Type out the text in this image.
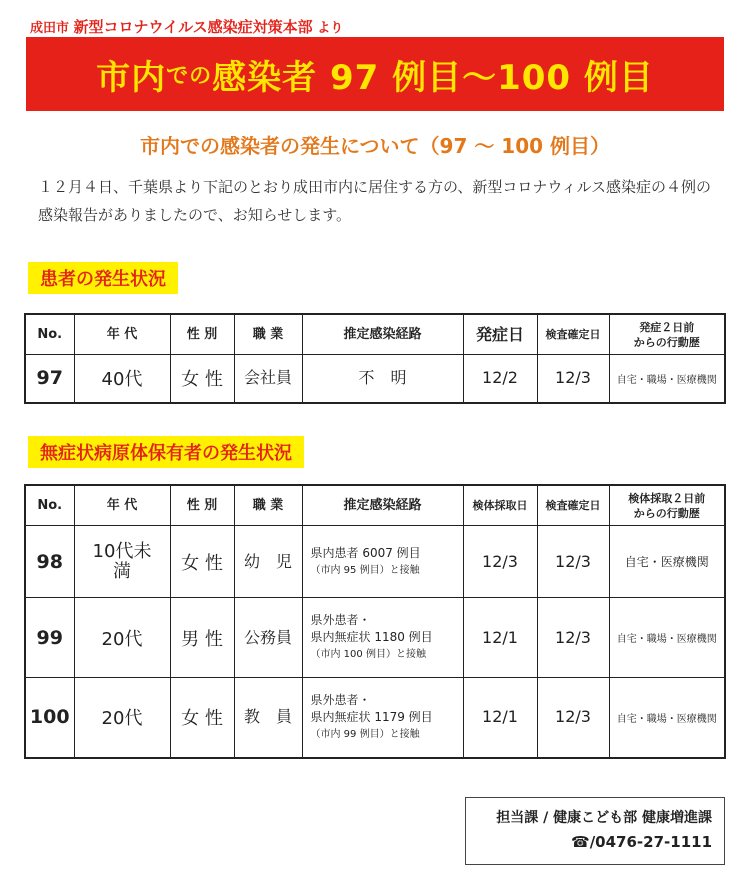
成田市 新型コロナウイルス感染症対策本部 より
市内 での 感染者 97 例目～100 例目
市内での感染者の発生について（97 ～ 100 例目）
１２月４日、千葉県より下記のとおり成田市内に居住する方の、新型コロナウィルス感染症の４例の感染報告がありましたので、お知らせします。
患者の発生状況
No.	年 代	性 別	職 業	推定感染経路	発症日	検査確定日	発症２日前
からの行動歴

97	40代	女 性	会社員	不　明	12/2	12/3	自宅・職場・医療機関
無症状病原体保有者の発生状況
No.	年 代	性 別	職 業	推定感染経路	検体採取日	検査確定日	検体採取２日前
からの行動歴

98	10代未満	女 性	幼　児	県内患者 6007 例目
（市内 95 例目）と接触	12/3	12/3	自宅・医療機関
99	20代	男 性	公務員	県外患者・
県内無症状 1180 例目
（市内 100 例目）と接触	12/1	12/3	自宅・職場・医療機関
100	20代	女 性	教　員	県外患者・
県内無症状 1179 例目
（市内 99 例目）と接触	12/1	12/3	自宅・職場・医療機関
担当課 / 健康こども部 健康増進課
☎/0476-27-1111
